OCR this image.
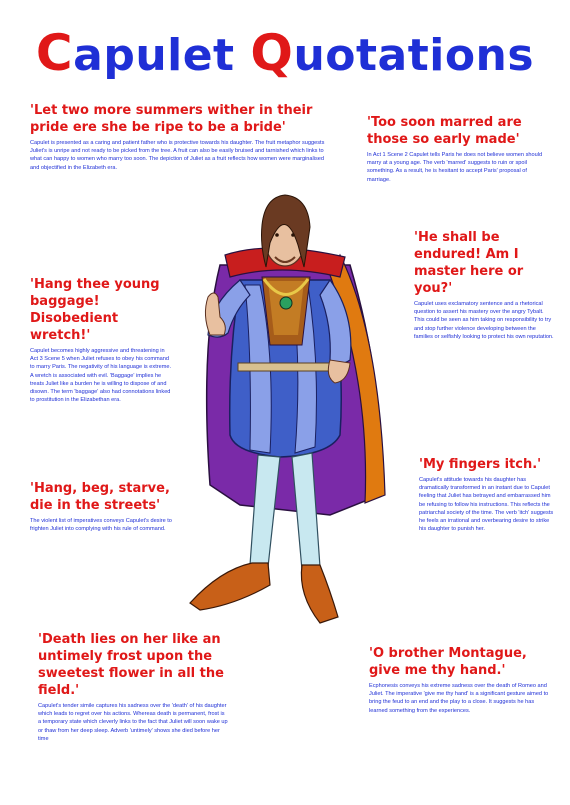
Capulet Quotations

'Let two more summers wither in their pride ere she be ripe to be a bride'

Capulet is presented as a caring and patient father who is protective towards his daughter. The fruit metaphor suggests Juliet's is unripe and not ready to be picked from the tree. A fruit can also be easily bruised and tarnished which links to what can happy to women who marry too soon. The depiction of Juliet as a fruit reflects how women were marginalised and objectified in the Elizabeth era.

'Too soon marred are those so early made'

In Act 1 Scene 2 Capulet tells Paris he does not believe women should marry at a young age. The verb 'marred' suggests to ruin or spoil something. As a result, he is hesitant to accept Paris' proposal of marriage.

'He shall be endured! Am I master here or you?'

Capulet uses exclamatory sentence and a rhetorical question to assert his mastery over the angry Tybalt. This could be seen as him taking on responsibility to try and stop further violence developing between the families or selfishly looking to protect his own reputation.

'Hang thee young baggage! Disobedient wretch!'

Capulet becomes highly aggressive and threatening in Act 3 Scene 5 when Juliet refuses to obey his command to marry Paris. The negativity of his language is extreme. A wretch is associated with evil. 'Baggage' implies he treats Juliet like a burden he is willing to dispose of and disown. The term 'baggage' also had connotations linked to prostitution in the Elizabethan era.

'My fingers itch.'

Capulet's attitude towards his daughter has dramatically transformed in an instant due to Capulet feeling that Juliet has betrayed and embarrassed him be refusing to follow his instructions. This reflects the patriarchal society of the time. The verb 'itch' suggests he feels an irrational and overbearing desire to strike his daughter to punish her.

'Hang, beg, starve, die in the streets'

The violent list of imperatives conveys Capulet's desire to frighten Juliet into complying with his rule of command.

'Death lies on her like an untimely frost upon the sweetest flower in all the field.'

Capulet's tender simile captures his sadness over the 'death' of his daughter which leads to regret over his actions. Whereas death is permanent, frost is a temporary state which cleverly links to the fact that Juliet will soon wake up or thaw from her deep sleep. Adverb 'untimely' shows she died before her time

'O brother Montague, give me thy hand.'

Ecphonesis conveys his extreme sadness over the death of Romeo and Juliet. The imperative 'give me thy hand' is a significant gesture aimed to bring the feud to an end and the play to a close. It suggests he has learned something from the experiences.
